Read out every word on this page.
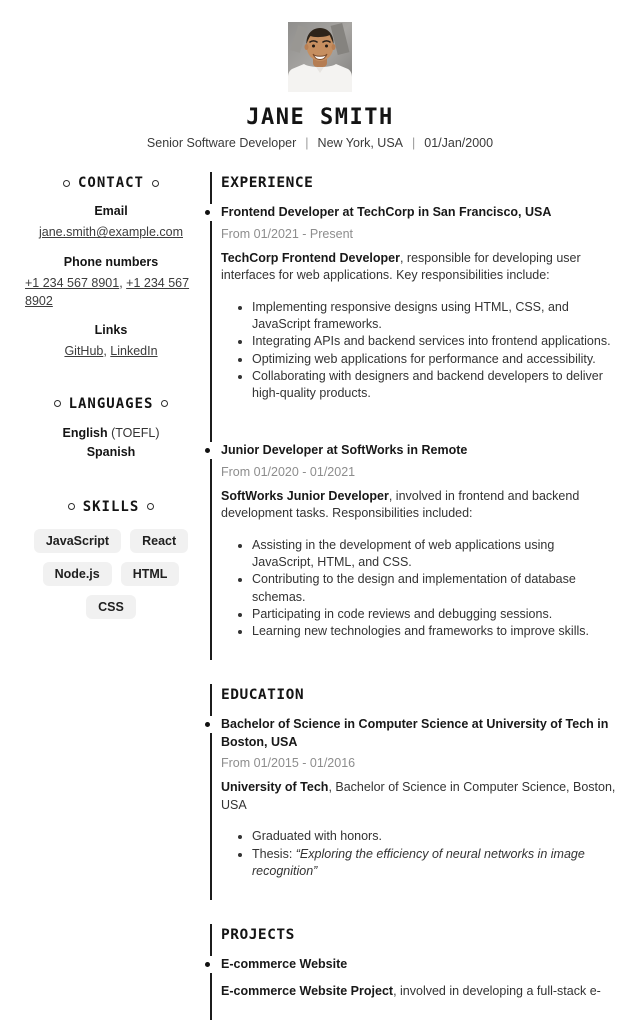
JANE SMITH
Senior Software Developer | New York, USA | 01/Jan/2000
CONTACT
Email
jane.smith@example.com
Phone numbers
+1 234 567 8901, +1 234 567 8902
Links
GitHub, LinkedIn
LANGUAGES
English (TOEFL)
Spanish
SKILLS
JavaScript	React
Node.js	HTML
CSS
EXPERIENCE
Frontend Developer at TechCorp in San Francisco, USA
From 01/2021 - Present

TechCorp Frontend Developer, responsible for developing user interfaces for web applications. Key responsibilities include:

• Implementing responsive designs using HTML, CSS, and JavaScript frameworks.
• Integrating APIs and backend services into frontend applications.
• Optimizing web applications for performance and accessibility.
• Collaborating with designers and backend developers to deliver high-quality products.
Junior Developer at SoftWorks in Remote
From 01/2020 - 01/2021

SoftWorks Junior Developer, involved in frontend and backend development tasks. Responsibilities included:

• Assisting in the development of web applications using JavaScript, HTML, and CSS.
• Contributing to the design and implementation of database schemas.
• Participating in code reviews and debugging sessions.
• Learning new technologies and frameworks to improve skills.
EDUCATION
Bachelor of Science in Computer Science at University of Tech in Boston, USA
From 01/2015 - 01/2016

University of Tech, Bachelor of Science in Computer Science, Boston, USA

• Graduated with honors.
• Thesis: “Exploring the efficiency of neural networks in image recognition”
PROJECTS
E-commerce Website

E-commerce Website Project, involved in developing a full-stack e-
